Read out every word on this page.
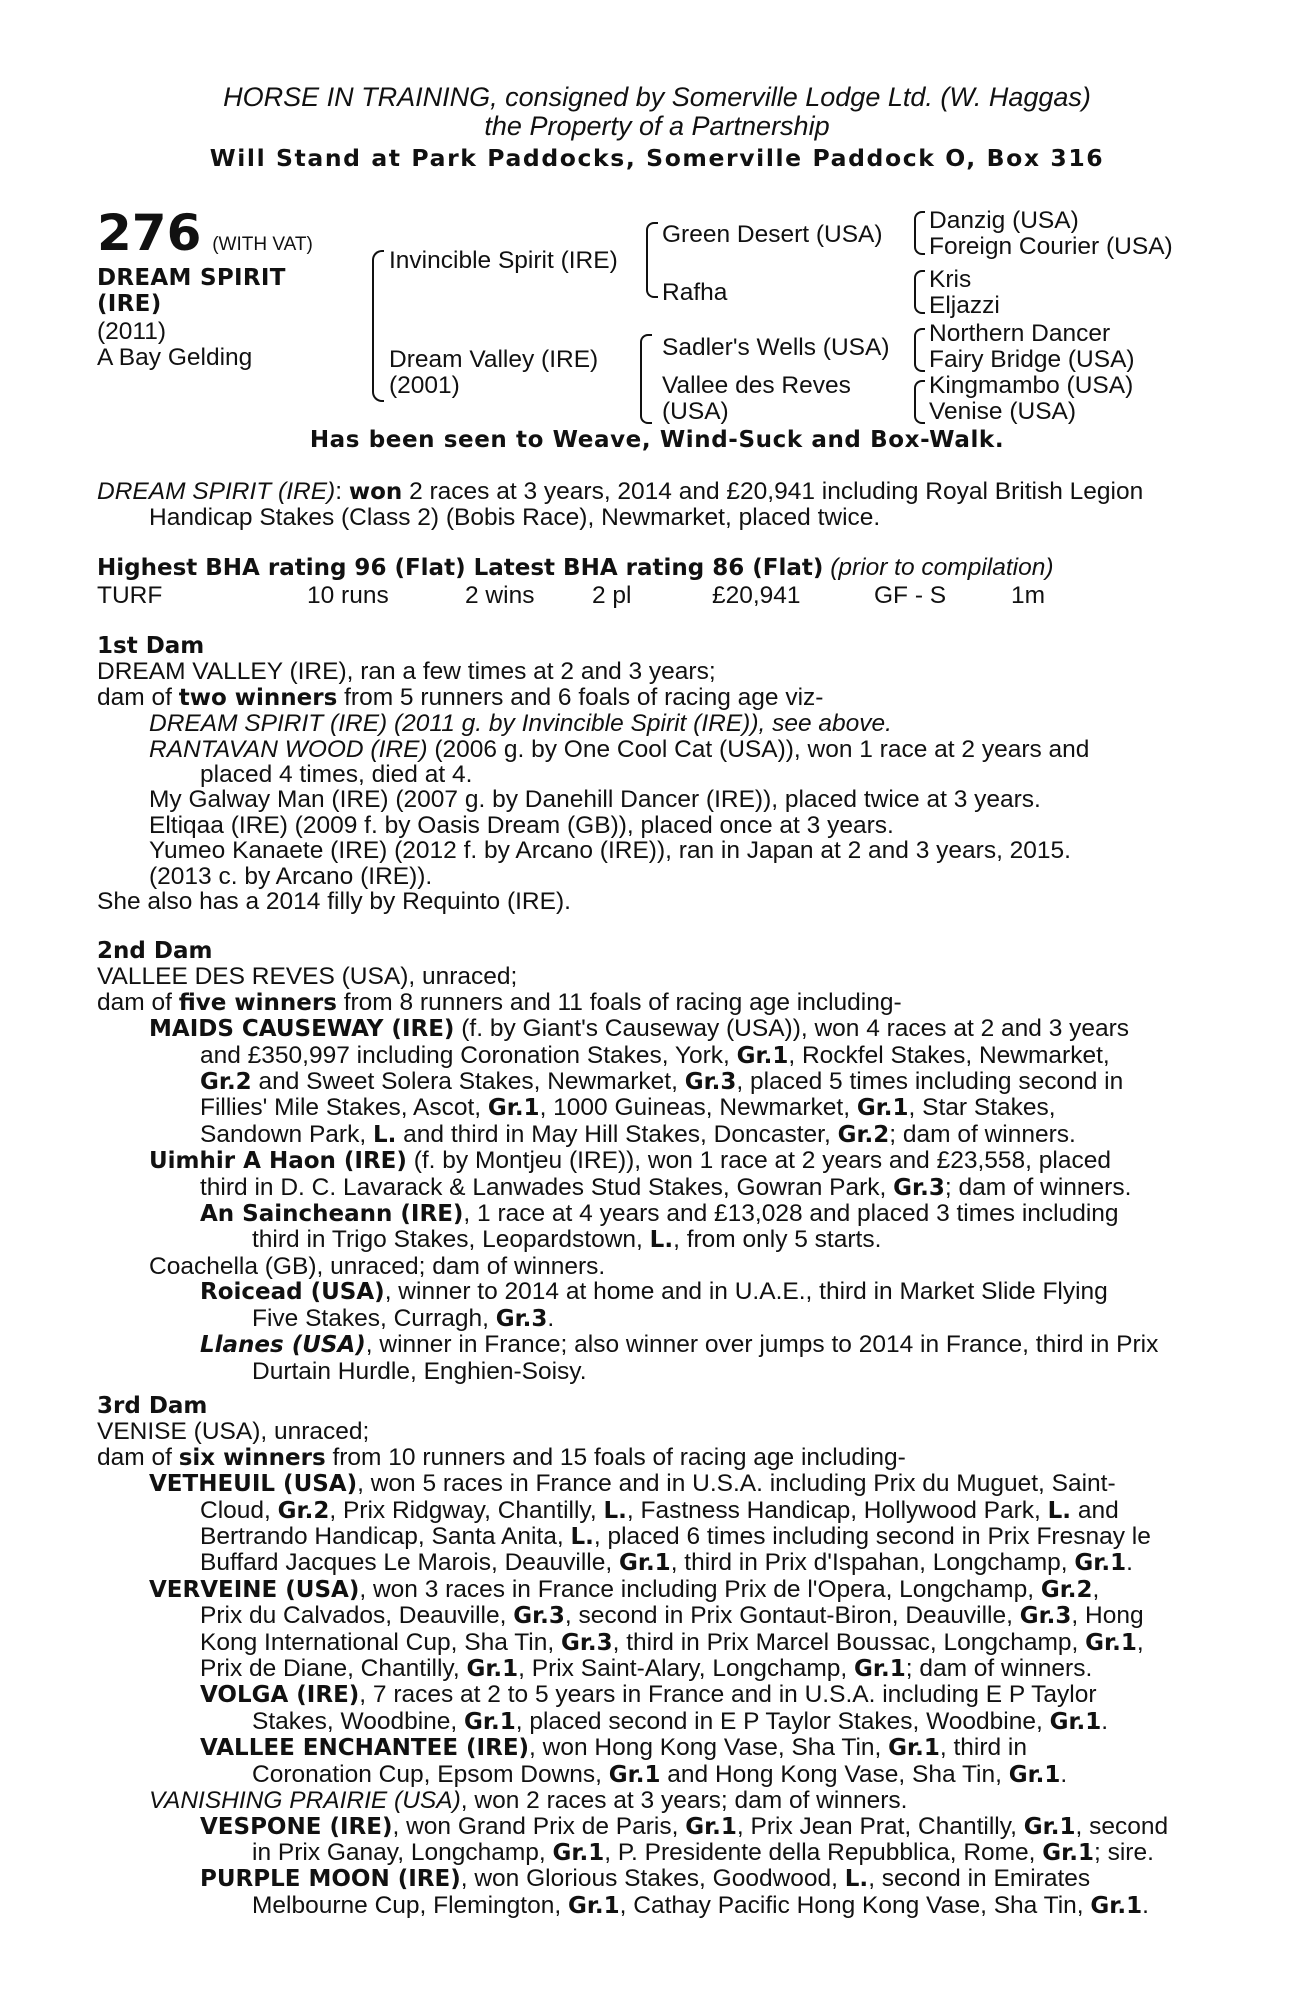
HORSE IN TRAINING, consigned by Somerville Lodge Ltd. (W. Haggas)
the Property of a Partnership
Will Stand at Park Paddocks, Somerville Paddock O, Box 316
276 (WITH VAT)
DREAM SPIRIT
(IRE)
(2011)
A Bay Gelding
Invincible Spirit (IRE)
Dream Valley (IRE)
(2001)
Green Desert (USA)
Rafha
Sadler's Wells (USA)
Vallee des Reves
(USA)
Danzig (USA)
Foreign Courier (USA)
Kris
Eljazzi
Northern Dancer
Fairy Bridge (USA)
Kingmambo (USA)
Venise (USA)
Has been seen to Weave, Wind-Suck and Box-Walk.
DREAM SPIRIT (IRE): won 2 races at 3 years, 2014 and £20,941 including Royal British Legion
Handicap Stakes (Class 2) (Bobis Race), Newmarket, placed twice.
Highest BHA rating 96 (Flat) Latest BHA rating 86 (Flat) (prior to compilation)
TURF	10 runs	2 wins 2 pl	£20,941	GF - S	1m
1st Dam
DREAM VALLEY (IRE), ran a few times at 2 and 3 years;
dam of two winners from 5 runners and 6 foals of racing age viz-
DREAM SPIRIT (IRE) (2011 g. by Invincible Spirit (IRE)), see above.
RANTAVAN WOOD (IRE) (2006 g. by One Cool Cat (USA)), won 1 race at 2 years and
placed 4 times, died at 4.
My Galway Man (IRE) (2007 g. by Danehill Dancer (IRE)), placed twice at 3 years.
Eltiqaa (IRE) (2009 f. by Oasis Dream (GB)), placed once at 3 years.
Yumeo Kanaete (IRE) (2012 f. by Arcano (IRE)), ran in Japan at 2 and 3 years, 2015.
(2013 c. by Arcano (IRE)).
She also has a 2014 filly by Requinto (IRE).
2nd Dam
VALLEE DES REVES (USA), unraced;
dam of five winners from 8 runners and 11 foals of racing age including-
MAIDS CAUSEWAY (IRE) (f. by Giant's Causeway (USA)), won 4 races at 2 and 3 years
and £350,997 including Coronation Stakes, York, Gr.1, Rockfel Stakes, Newmarket,
Gr.2 and Sweet Solera Stakes, Newmarket, Gr.3, placed 5 times including second in
Fillies' Mile Stakes, Ascot, Gr.1, 1000 Guineas, Newmarket, Gr.1, Star Stakes,
Sandown Park, L. and third in May Hill Stakes, Doncaster, Gr.2; dam of winners.
Uimhir A Haon (IRE) (f. by Montjeu (IRE)), won 1 race at 2 years and £23,558, placed
third in D. C. Lavarack & Lanwades Stud Stakes, Gowran Park, Gr.3; dam of winners.
An Saincheann (IRE), 1 race at 4 years and £13,028 and placed 3 times including
third in Trigo Stakes, Leopardstown, L., from only 5 starts.
Coachella (GB), unraced; dam of winners.
Roicead (USA), winner to 2014 at home and in U.A.E., third in Market Slide Flying
Five Stakes, Curragh, Gr.3.
Llanes (USA), winner in France; also winner over jumps to 2014 in France, third in Prix
Durtain Hurdle, Enghien-Soisy.
3rd Dam
VENISE (USA), unraced;
dam of six winners from 10 runners and 15 foals of racing age including-
VETHEUIL (USA), won 5 races in France and in U.S.A. including Prix du Muguet, Saint-
Cloud, Gr.2, Prix Ridgway, Chantilly, L., Fastness Handicap, Hollywood Park, L. and
Bertrando Handicap, Santa Anita, L., placed 6 times including second in Prix Fresnay le
Buffard Jacques Le Marois, Deauville, Gr.1, third in Prix d'Ispahan, Longchamp, Gr.1.
VERVEINE (USA), won 3 races in France including Prix de l'Opera, Longchamp, Gr.2,
Prix du Calvados, Deauville, Gr.3, second in Prix Gontaut-Biron, Deauville, Gr.3, Hong
Kong International Cup, Sha Tin, Gr.3, third in Prix Marcel Boussac, Longchamp, Gr.1,
Prix de Diane, Chantilly, Gr.1, Prix Saint-Alary, Longchamp, Gr.1; dam of winners.
VOLGA (IRE), 7 races at 2 to 5 years in France and in U.S.A. including E P Taylor
Stakes, Woodbine, Gr.1, placed second in E P Taylor Stakes, Woodbine, Gr.1.
VALLEE ENCHANTEE (IRE), won Hong Kong Vase, Sha Tin, Gr.1, third in
Coronation Cup, Epsom Downs, Gr.1 and Hong Kong Vase, Sha Tin, Gr.1.
VANISHING PRAIRIE (USA), won 2 races at 3 years; dam of winners.
VESPONE (IRE), won Grand Prix de Paris, Gr.1, Prix Jean Prat, Chantilly, Gr.1, second
in Prix Ganay, Longchamp, Gr.1, P. Presidente della Repubblica, Rome, Gr.1; sire.
PURPLE MOON (IRE), won Glorious Stakes, Goodwood, L., second in Emirates
Melbourne Cup, Flemington, Gr.1, Cathay Pacific Hong Kong Vase, Sha Tin, Gr.1.
